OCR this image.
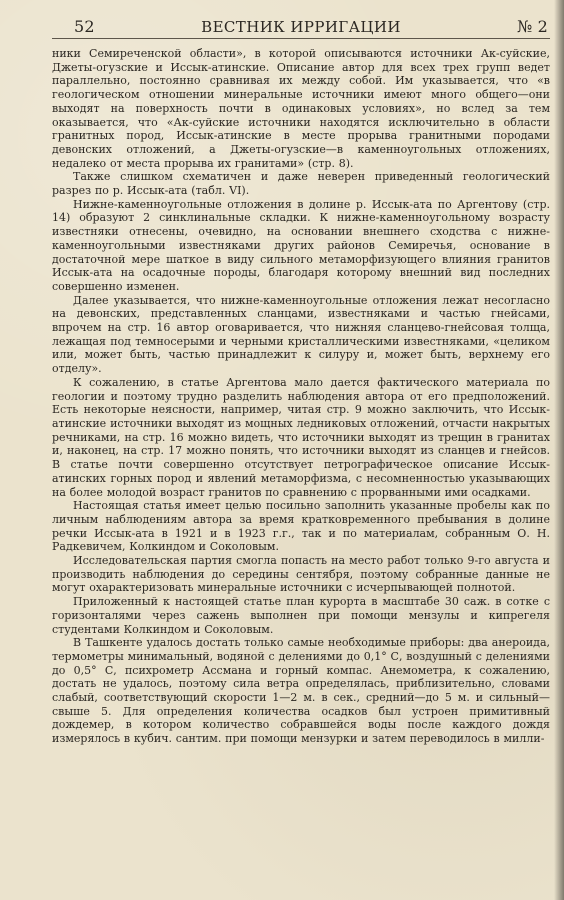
52	ВЕСТНИК ИРРИГАЦИИ	№ 2

ники Семиреченской области», в которой описываются источники Ак-суйские, Джеты-огузские и Иссык-атинские. Описание автор для всех трех групп ведет параллельно, постоянно сравнивая их между собой. Им указывается, что «в геологическом отношении минеральные источники имеют много общего—они выходят на поверхность почти в одинаковых условиях», но вслед за тем оказывается, что «Ак-суйские источники находятся исключительно в области гранитных пород, Иссык-атинские в месте прорыва гранитными породами девонских отложений, а Джеты-огузские—в каменноугольных отложениях, недалеко от места прорыва их гранитами» (стр. 8).

Также слишком схематичен и даже неверен приведенный геологический разрез по р. Иссык-ата (табл. VI).

Нижне-каменноугольные отложения в долине р. Иссык-ата по Аргентову (стр. 14) образуют 2 синклинальные складки. К нижне-каменноугольному возрасту известняки отнесены, очевидно, на основании внешнего сходства с нижне-каменноугольными известняками других районов Семиречья, основание в достаточной мере шаткое в виду сильного метаморфизующего влияния гранитов Иссык-ата на осадочные породы, благодаря которому внешний вид последних совершенно изменен.

Далее указывается, что нижне-каменноугольные отложения лежат несогласно на девонских, представленных сланцами, известняками и частью гнейсами, впрочем на стр. 16 автор оговаривается, что нижняя сланцево-гнейсовая толща, лежащая под темносерыми и черными кристаллическими известняками, «целиком или, может быть, частью принадлежит к силуру и, может быть, верхнему его отделу».

К сожалению, в статье Аргентова мало дается фактического материала по геологии и поэтому трудно разделить наблюдения автора от его предположений. Есть некоторые неясности, например, читая стр. 9 можно заключить, что Иссык-атинские источники выходят из мощных ледниковых отложений, отчасти накрытых речниками, на стр. 16 можно видеть, что источники выходят из трещин в гранитах и, наконец, на стр. 17 можно понять, что источники выходят из сланцев и гнейсов. В статье почти совершенно отсутствует петрографическое описание Иссык-атинских горных пород и явлений метаморфизма, с несомненностью указывающих на более молодой возраст гранитов по сравнению с прорванными ими осадками.

Настоящая статья имеет целью посильно заполнить указанные пробелы как по личным наблюдениям автора за время кратковременного пребывания в долине речки Иссык-ата в 1921 и в 1923 г.г., так и по материалам, собранным О. Н. Радкевичем, Колкиндом и Соколовым.

Исследовательская партия смогла попасть на место работ только 9-го августа и производить наблюдения до середины сентября, поэтому собранные данные не могут охарактеризовать минеральные источники с исчерпывающей полнотой.

Приложенный к настоящей статье план курорта в масштабе 30 саж. в сотке с горизонталями через сажень выполнен при помощи мензулы и кипрегеля студентами Колкиндом и Соколовым.

В Ташкенте удалось достать только самые необходимые приборы: два анероида, термометры минимальный, водяной с делениями до 0,1° С, воздушный с делениями до 0,5° С, психрометр Ассмана и горный компас. Анемометра, к сожалению, достать не удалось, поэтому сила ветра определялась, приблизительно, словами слабый, соответствующий скорости 1—2 м. в сек., средний—до 5 м. и сильный—свыше 5. Для определения количества осадков был устроен примитивный дождемер, в котором количество собравшейся воды после каждого дождя измерялось в кубич. сантим. при помощи мензурки и затем переводилось в милли-
